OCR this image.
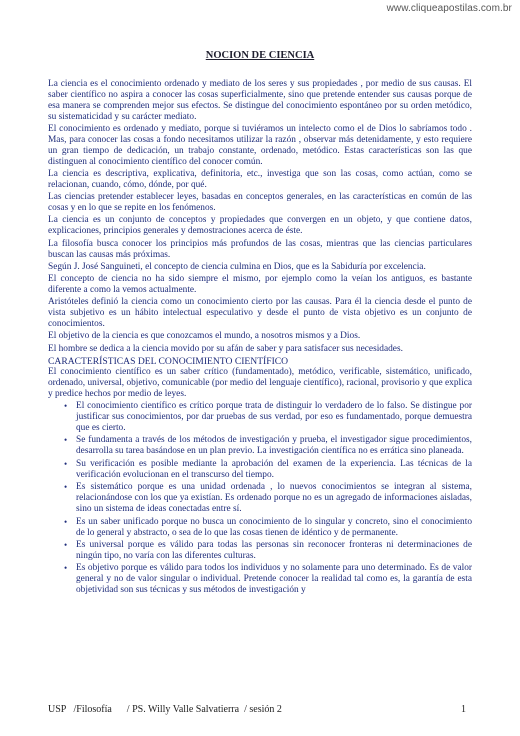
www.cliqueapostilas.com.br
NOCION DE CIENCIA

La ciencia es el conocimiento ordenado y mediato de los seres y sus propiedades , por medio de sus causas. El saber científico no aspira a conocer las cosas superficialmente, sino que pretende entender sus causas porque de esa manera se comprenden mejor sus efectos. Se distingue del conocimiento espontáneo por su orden metódico, su sistematicidad y su carácter mediato.

El conocimiento es ordenado y mediato, porque si tuviéramos un intelecto como el de Dios lo sabríamos todo . Mas, para conocer las cosas a fondo necesitamos utilizar la razón , observar más detenidamente, y esto requiere un gran tiempo de dedicación, un trabajo constante, ordenado, metódico. Estas características son las que distinguen al conocimiento científico del conocer común.

La ciencia es descriptiva, explicativa, definitoria, etc., investiga que son las cosas, como actúan, como se relacionan, cuando, cómo, dónde, por qué.

Las ciencias pretender establecer leyes, basadas en conceptos generales, en las características en común de las cosas y en lo que se repite en los fenómenos.

La ciencia es un conjunto de conceptos y propiedades que convergen en un objeto, y que contiene datos, explicaciones, principios generales y demostraciones acerca de éste.

La filosofía busca conocer los principios más profundos de las cosas, mientras que las ciencias particulares buscan las causas más próximas.

Según J. José Sanguineti, el concepto de ciencia culmina en Dios, que es la Sabiduría por excelencia.

El concepto de ciencia no ha sido siempre el mismo, por ejemplo como la veían los antiguos, es bastante diferente a como la vemos actualmente.

Aristóteles definió la ciencia como un conocimiento cierto por las causas. Para él la ciencia desde el punto de vista subjetivo es un hábito intelectual especulativo y desde el punto de vista objetivo es un conjunto de conocimientos.

El objetivo de la ciencia es que conozcamos el mundo, a nosotros mismos y a Dios.

El hombre se dedica a la ciencia movido por su afán de saber y para satisfacer sus necesidades.

CARACTERÍSTICAS DEL CONOCIMIENTO CIENTÍFICO

El conocimiento científico es un saber crítico (fundamentado), metódico, verificable, sistemático, unificado, ordenado, universal, objetivo, comunicable (por medio del lenguaje científico), racional, provisorio y que explica y predice hechos por medio de leyes.

• El conocimiento científico es crítico porque trata de distinguir lo verdadero de lo falso. Se distingue por justificar sus conocimientos, por dar pruebas de sus verdad, por eso es fundamentado, porque demuestra que es cierto.
• Se fundamenta a través de los métodos de investigación y prueba, el investigador sigue procedimientos, desarrolla su tarea basándose en un plan previo. La investigación científica no es errática sino planeada.
• Su verificación es posible mediante la aprobación del examen de la experiencia. Las técnicas de la verificación evolucionan en el transcurso del tiempo.
• Es sistemático porque es una unidad ordenada , lo nuevos conocimientos se integran al sistema, relacionándose con los que ya existían. Es ordenado porque no es un agregado de informaciones aisladas, sino un sistema de ideas conectadas entre sí.
• Es un saber unificado porque no busca un conocimiento de lo singular y concreto, sino el conocimiento de lo general y abstracto, o sea de lo que las cosas tienen de idéntico y de permanente.
• Es universal porque es válido para todas las personas sin reconocer fronteras ni determinaciones de ningún tipo, no varía con las diferentes culturas.
• Es objetivo porque es válido para todos los individuos y no solamente para uno determinado. Es de valor general y no de valor singular o individual. Pretende conocer la realidad tal como es, la garantía de esta objetividad son sus técnicas y sus métodos de investigación y
USP   /Filosofía      / PS. Willy Valle Salvatierra  / sesión 2	1
